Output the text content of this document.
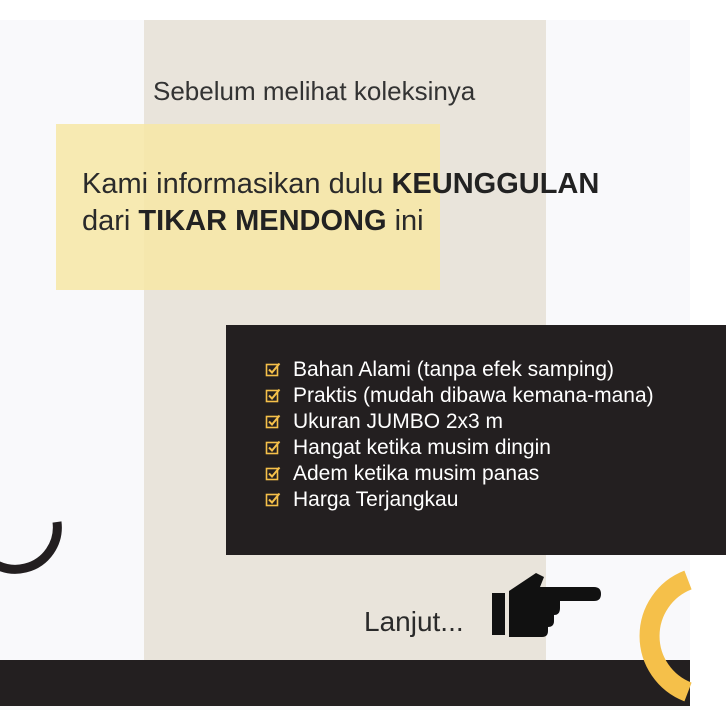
Sebelum melihat koleksinya
Kami informasikan dulu KEUNGGULAN
dari TIKAR MENDONG ini
Bahan Alami (tanpa efek samping)
Praktis (mudah dibawa kemana-mana)
Ukuran JUMBO 2x3 m
Hangat ketika musim dingin
Adem ketika musim panas
Harga Terjangkau
Lanjut...
